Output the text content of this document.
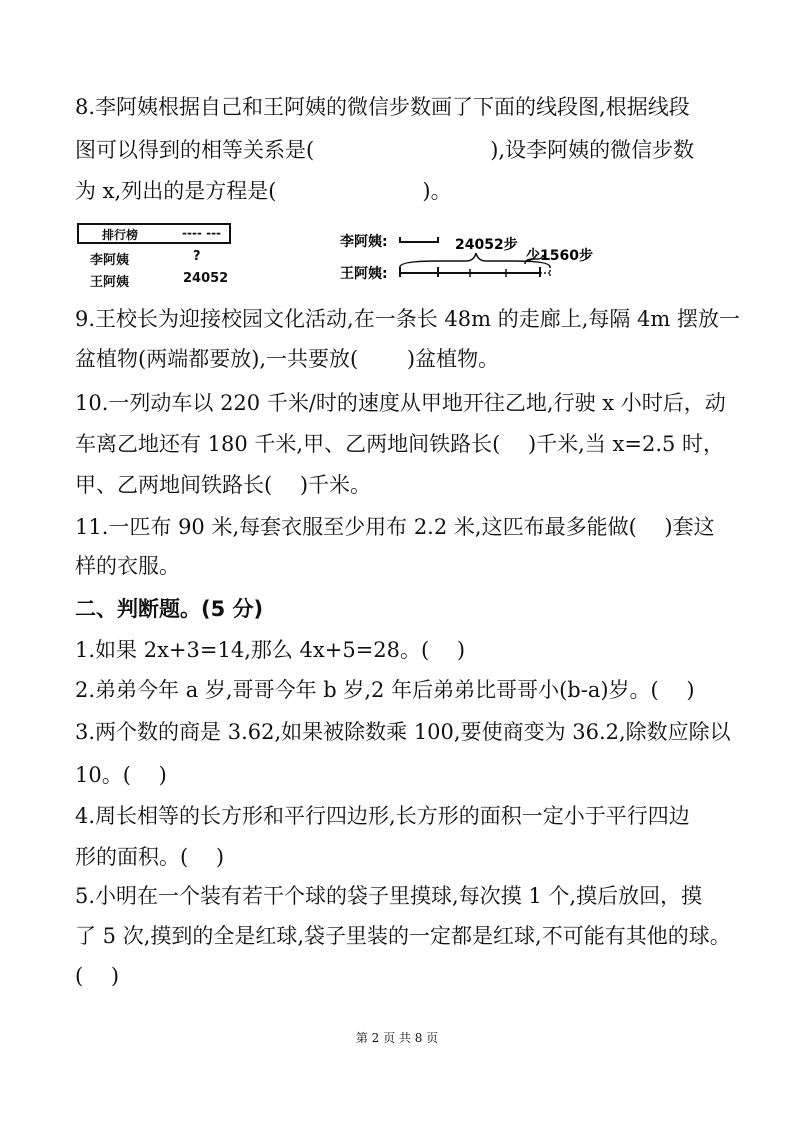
8.李阿姨根据自己和王阿姨的微信步数画了下面的线段图,根据线段
图可以得到的相等关系是(	),设李阿姨的微信步数
为 x,列出的是方程是(	)。
排行榜	---- ---
李阿姨	?
王阿姨	24052
李阿姨:
王阿姨:
24052步
少1560步
9.王校长为迎接校园文化活动,在一条长 48m 的走廊上,每隔 4m 摆放一
盆植物(两端都要放),一共要放(　　 )盆植物。
10.一列动车以 220 千米/时的速度从甲地开往乙地,行驶 x 小时后，动
车离乙地还有 180 千米,甲、乙两地间铁路长(　 )千米,当 x=2.5 时，
甲、乙两地间铁路长(　 )千米。
11.一匹布 90 米,每套衣服至少用布 2.2 米,这匹布最多能做(　 )套这
样的衣服。
二、判断题。(5 分)
1.如果 2x+3=14,那么 4x+5=28。(　 )
2.弟弟今年 a 岁,哥哥今年 b 岁,2 年后弟弟比哥哥小(b-a)岁。(　 )
3.两个数的商是 3.62,如果被除数乘 100,要使商变为 36.2,除数应除以
10。(　 )
4.周长相等的长方形和平行四边形,长方形的面积一定小于平行四边
形的面积。(　 )
5.小明在一个装有若干个球的袋子里摸球,每次摸 1 个,摸后放回，摸
了 5 次,摸到的全是红球,袋子里装的一定都是红球,不可能有其他的球。
(　 )
第 2 页 共 8 页
